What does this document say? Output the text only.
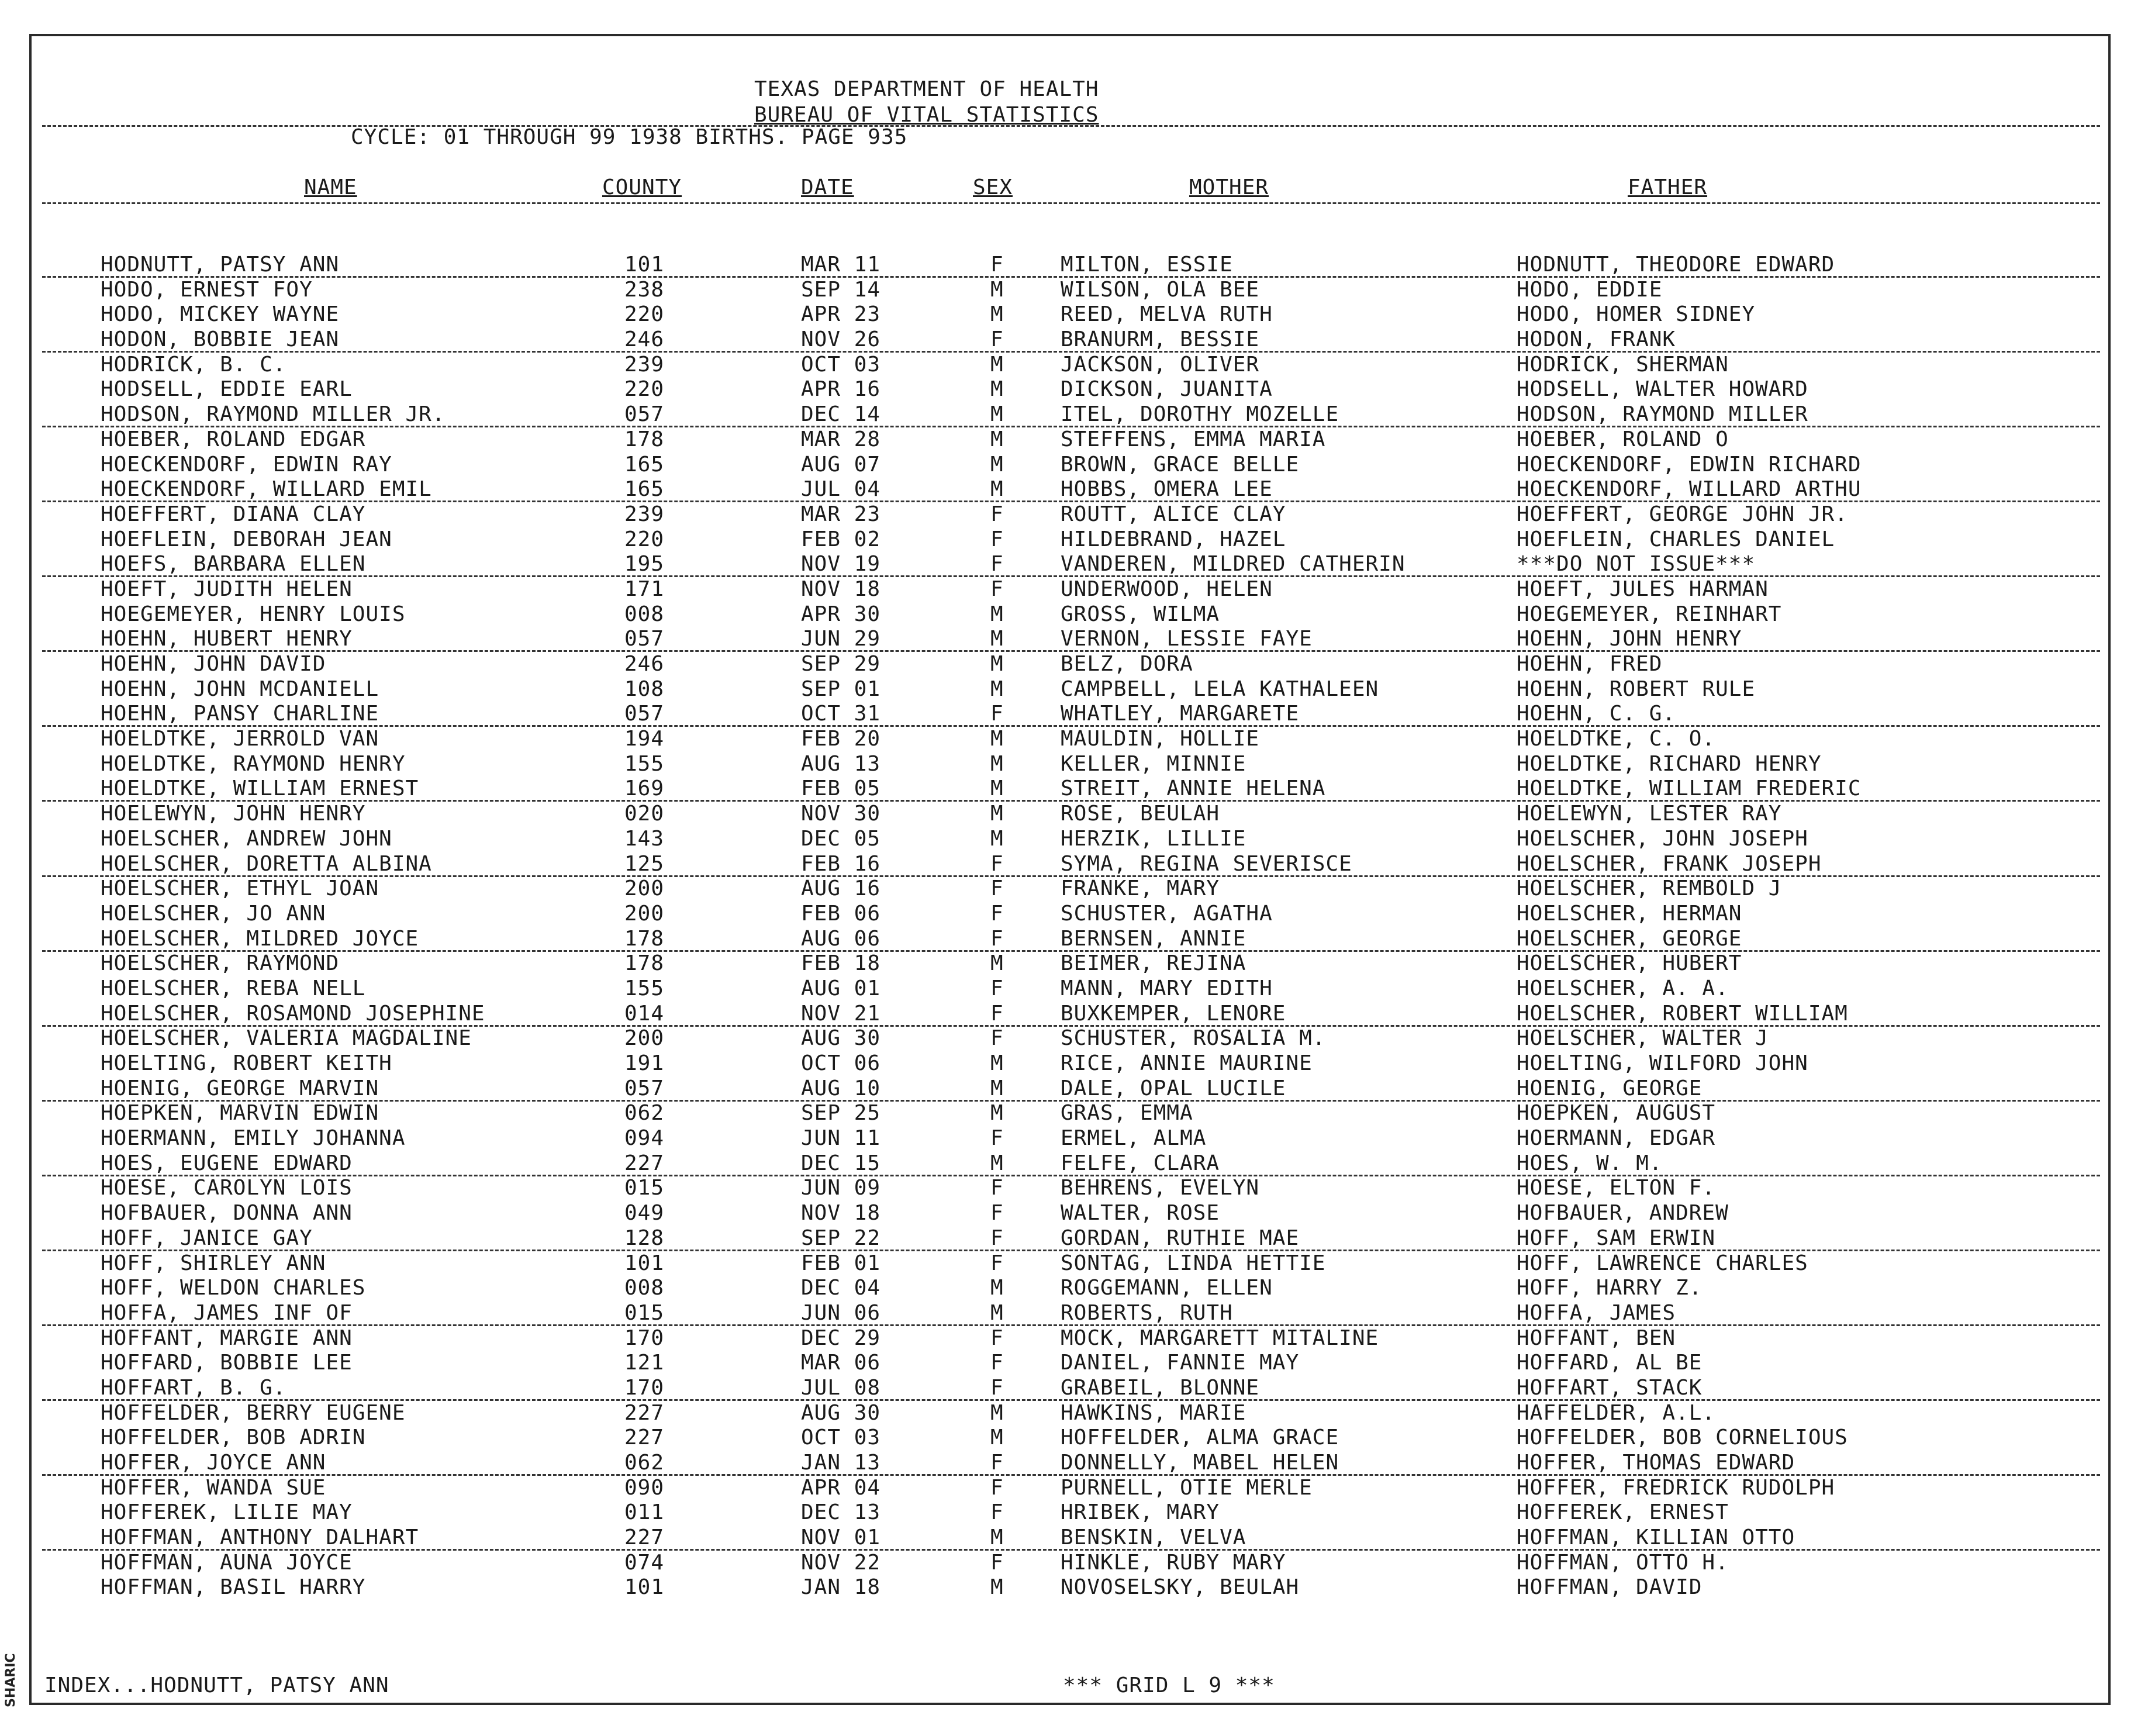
SHARIC
TEXAS DEPARTMENT OF HEALTH
BUREAU OF VITAL STATISTICS
CYCLE: 01 THROUGH 99 1938 BIRTHS. PAGE 935
NAME	COUNTY	DATE	SEX	MOTHER	FATHER
HODNUTT, PATSY ANN	101	MAR 11	F	MILTON, ESSIE	HODNUTT, THEODORE EDWARD
HODO, ERNEST FOY	238	SEP 14	M	WILSON, OLA BEE	HODO, EDDIE
HODO, MICKEY WAYNE	220	APR 23	M	REED, MELVA RUTH	HODO, HOMER SIDNEY
HODON, BOBBIE JEAN	246	NOV 26	F	BRANURM, BESSIE	HODON, FRANK
HODRICK, B. C.	239	OCT 03	M	JACKSON, OLIVER	HODRICK, SHERMAN
HODSELL, EDDIE EARL	220	APR 16	M	DICKSON, JUANITA	HODSELL, WALTER HOWARD
HODSON, RAYMOND MILLER JR.	057	DEC 14	M	ITEL, DOROTHY MOZELLE	HODSON, RAYMOND MILLER
HOEBER, ROLAND EDGAR	178	MAR 28	M	STEFFENS, EMMA MARIA	HOEBER, ROLAND O
HOECKENDORF, EDWIN RAY	165	AUG 07	M	BROWN, GRACE BELLE	HOECKENDORF, EDWIN RICHARD
HOECKENDORF, WILLARD EMIL	165	JUL 04	M	HOBBS, OMERA LEE	HOECKENDORF, WILLARD ARTHU
HOEFFERT, DIANA CLAY	239	MAR 23	F	ROUTT, ALICE CLAY	HOEFFERT, GEORGE JOHN JR.
HOEFLEIN, DEBORAH JEAN	220	FEB 02	F	HILDEBRAND, HAZEL	HOEFLEIN, CHARLES DANIEL
HOEFS, BARBARA ELLEN	195	NOV 19	F	VANDEREN, MILDRED CATHERIN	***DO NOT ISSUE***
HOEFT, JUDITH HELEN	171	NOV 18	F	UNDERWOOD, HELEN	HOEFT, JULES HARMAN
HOEGEMEYER, HENRY LOUIS	008	APR 30	M	GROSS, WILMA	HOEGEMEYER, REINHART
HOEHN, HUBERT HENRY	057	JUN 29	M	VERNON, LESSIE FAYE	HOEHN, JOHN HENRY
HOEHN, JOHN DAVID	246	SEP 29	M	BELZ, DORA	HOEHN, FRED
HOEHN, JOHN MCDANIELL	108	SEP 01	M	CAMPBELL, LELA KATHALEEN	HOEHN, ROBERT RULE
HOEHN, PANSY CHARLINE	057	OCT 31	F	WHATLEY, MARGARETE	HOEHN, C. G.
HOELDTKE, JERROLD VAN	194	FEB 20	M	MAULDIN, HOLLIE	HOELDTKE, C. O.
HOELDTKE, RAYMOND HENRY	155	AUG 13	M	KELLER, MINNIE	HOELDTKE, RICHARD HENRY
HOELDTKE, WILLIAM ERNEST	169	FEB 05	M	STREIT, ANNIE HELENA	HOELDTKE, WILLIAM FREDERIC
HOELEWYN, JOHN HENRY	020	NOV 30	M	ROSE, BEULAH	HOELEWYN, LESTER RAY
HOELSCHER, ANDREW JOHN	143	DEC 05	M	HERZIK, LILLIE	HOELSCHER, JOHN JOSEPH
HOELSCHER, DORETTA ALBINA	125	FEB 16	F	SYMA, REGINA SEVERISCE	HOELSCHER, FRANK JOSEPH
HOELSCHER, ETHYL JOAN	200	AUG 16	F	FRANKE, MARY	HOELSCHER, REMBOLD J
HOELSCHER, JO ANN	200	FEB 06	F	SCHUSTER, AGATHA	HOELSCHER, HERMAN
HOELSCHER, MILDRED JOYCE	178	AUG 06	F	BERNSEN, ANNIE	HOELSCHER, GEORGE
HOELSCHER, RAYMOND	178	FEB 18	M	BEIMER, REJINA	HOELSCHER, HUBERT
HOELSCHER, REBA NELL	155	AUG 01	F	MANN, MARY EDITH	HOELSCHER, A. A.
HOELSCHER, ROSAMOND JOSEPHINE	014	NOV 21	F	BUXKEMPER, LENORE	HOELSCHER, ROBERT WILLIAM
HOELSCHER, VALERIA MAGDALINE	200	AUG 30	F	SCHUSTER, ROSALIA M.	HOELSCHER, WALTER J
HOELTING, ROBERT KEITH	191	OCT 06	M	RICE, ANNIE MAURINE	HOELTING, WILFORD JOHN
HOENIG, GEORGE MARVIN	057	AUG 10	M	DALE, OPAL LUCILE	HOENIG, GEORGE
HOEPKEN, MARVIN EDWIN	062	SEP 25	M	GRAS, EMMA	HOEPKEN, AUGUST
HOERMANN, EMILY JOHANNA	094	JUN 11	F	ERMEL, ALMA	HOERMANN, EDGAR
HOES, EUGENE EDWARD	227	DEC 15	M	FELFE, CLARA	HOES, W. M.
HOESE, CAROLYN LOIS	015	JUN 09	F	BEHRENS, EVELYN	HOESE, ELTON F.
HOFBAUER, DONNA ANN	049	NOV 18	F	WALTER, ROSE	HOFBAUER, ANDREW
HOFF, JANICE GAY	128	SEP 22	F	GORDAN, RUTHIE MAE	HOFF, SAM ERWIN
HOFF, SHIRLEY ANN	101	FEB 01	F	SONTAG, LINDA HETTIE	HOFF, LAWRENCE CHARLES
HOFF, WELDON CHARLES	008	DEC 04	M	ROGGEMANN, ELLEN	HOFF, HARRY Z.
HOFFA, JAMES INF OF	015	JUN 06	M	ROBERTS, RUTH	HOFFA, JAMES
HOFFANT, MARGIE ANN	170	DEC 29	F	MOCK, MARGARETT MITALINE	HOFFANT, BEN
HOFFARD, BOBBIE LEE	121	MAR 06	F	DANIEL, FANNIE MAY	HOFFARD, AL BE
HOFFART, B. G.	170	JUL 08	F	GRABEIL, BLONNE	HOFFART, STACK
HOFFELDER, BERRY EUGENE	227	AUG 30	M	HAWKINS, MARIE	HAFFELDER, A.L.
HOFFELDER, BOB ADRIN	227	OCT 03	M	HOFFELDER, ALMA GRACE	HOFFELDER, BOB CORNELIOUS
HOFFER, JOYCE ANN	062	JAN 13	F	DONNELLY, MABEL HELEN	HOFFER, THOMAS EDWARD
HOFFER, WANDA SUE	090	APR 04	F	PURNELL, OTIE MERLE	HOFFER, FREDRICK RUDOLPH
HOFFEREK, LILIE MAY	011	DEC 13	F	HRIBEK, MARY	HOFFEREK, ERNEST
HOFFMAN, ANTHONY DALHART	227	NOV 01	M	BENSKIN, VELVA	HOFFMAN, KILLIAN OTTO
HOFFMAN, AUNA JOYCE	074	NOV 22	F	HINKLE, RUBY MARY	HOFFMAN, OTTO H.
HOFFMAN, BASIL HARRY	101	JAN 18	M	NOVOSELSKY, BEULAH	HOFFMAN, DAVID
INDEX...HODNUTT, PATSY ANN	*** GRID L 9 ***
